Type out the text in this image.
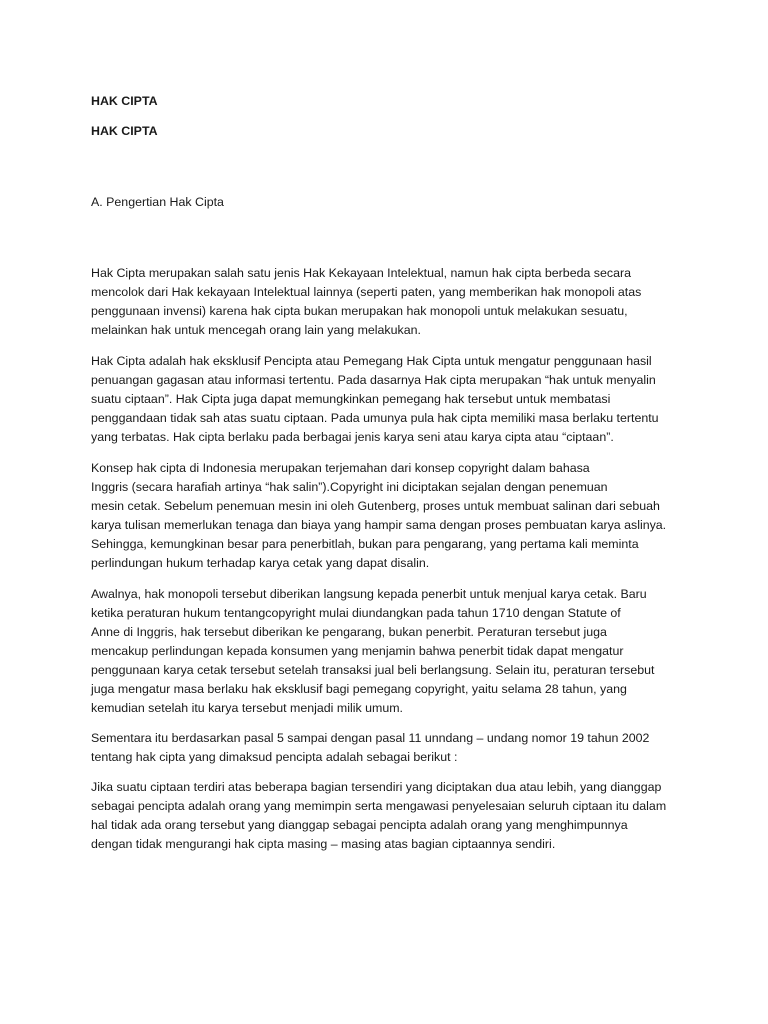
HAK CIPTA

HAK CIPTA

A. Pengertian Hak Cipta

Hak Cipta merupakan salah satu jenis Hak Kekayaan Intelektual, namun hak cipta berbeda secara
mencolok dari Hak kekayaan Intelektual lainnya (seperti paten, yang memberikan hak monopoli atas
penggunaan invensi) karena hak cipta bukan merupakan hak monopoli untuk melakukan sesuatu,
melainkan hak untuk mencegah orang lain yang melakukan.

Hak Cipta adalah hak eksklusif Pencipta atau Pemegang Hak Cipta untuk mengatur penggunaan hasil
penuangan gagasan atau informasi tertentu. Pada dasarnya Hak cipta merupakan “hak untuk menyalin
suatu ciptaan”. Hak Cipta juga dapat memungkinkan pemegang hak tersebut untuk membatasi
penggandaan tidak sah atas suatu ciptaan. Pada umunya pula hak cipta memiliki masa berlaku tertentu
yang terbatas. Hak cipta berlaku pada berbagai jenis karya seni atau karya cipta atau “ciptaan”.

Konsep hak cipta di Indonesia merupakan terjemahan dari konsep copyright dalam bahasa
Inggris (secara harafiah artinya “hak salin”).Copyright ini diciptakan sejalan dengan penemuan
mesin cetak. Sebelum penemuan mesin ini oleh Gutenberg, proses untuk membuat salinan dari sebuah
karya tulisan memerlukan tenaga dan biaya yang hampir sama dengan proses pembuatan karya aslinya.
Sehingga, kemungkinan besar para penerbitlah, bukan para pengarang, yang pertama kali meminta
perlindungan hukum terhadap karya cetak yang dapat disalin.

Awalnya, hak monopoli tersebut diberikan langsung kepada penerbit untuk menjual karya cetak. Baru
ketika peraturan hukum tentangcopyright mulai diundangkan pada tahun 1710 dengan Statute of
Anne di Inggris, hak tersebut diberikan ke pengarang, bukan penerbit. Peraturan tersebut juga
mencakup perlindungan kepada konsumen yang menjamin bahwa penerbit tidak dapat mengatur
penggunaan karya cetak tersebut setelah transaksi jual beli berlangsung. Selain itu, peraturan tersebut
juga mengatur masa berlaku hak eksklusif bagi pemegang copyright, yaitu selama 28 tahun, yang
kemudian setelah itu karya tersebut menjadi milik umum.

Sementara itu berdasarkan pasal 5 sampai dengan pasal 11 unndang – undang nomor 19 tahun 2002
tentang hak cipta yang dimaksud pencipta adalah sebagai berikut :

Jika suatu ciptaan terdiri atas beberapa bagian tersendiri yang diciptakan dua atau lebih, yang dianggap
sebagai pencipta adalah orang yang memimpin serta mengawasi penyelesaian seluruh ciptaan itu dalam
hal tidak ada orang tersebut yang dianggap sebagai pencipta adalah orang yang menghimpunnya
dengan tidak mengurangi hak cipta masing – masing atas bagian ciptaannya sendiri.
